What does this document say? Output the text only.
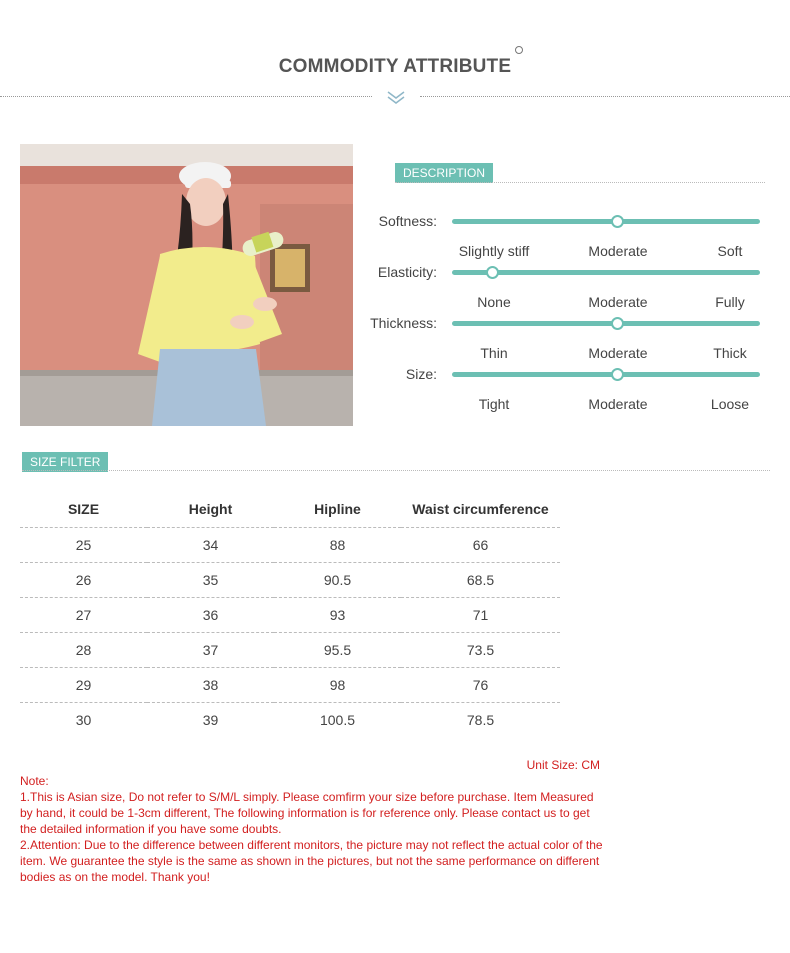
COMMODITY ATTRIBUTE
DESCRIPTION
Softness:
Slightly stiff	Moderate	Soft
Elasticity:
None	Moderate	Fully
Thickness:
Thin	Moderate	Thick
Size:
Tight	Moderate	Loose
SIZE FILTER
SIZE	Height	Hipline	Waist circumference
25	34	88	66
26	35	90.5	68.5
27	36	93	71
28	37	95.5	73.5
29	38	98	76
30	39	100.5	78.5
Unit Size: CM

Note:

1.This is Asian size, Do not refer to S/M/L simply. Please comfirm your size before purchase. Item Measured by hand, it could be 1-3cm different, The following information is for reference only. Please contact us to get the detailed information if you have some doubts.

2.Attention: Due to the difference between different monitors, the picture may not reflect the actual color of the item. We guarantee the style is the same as shown in the pictures, but not the same performance on different bodies as on the model. Thank you!
